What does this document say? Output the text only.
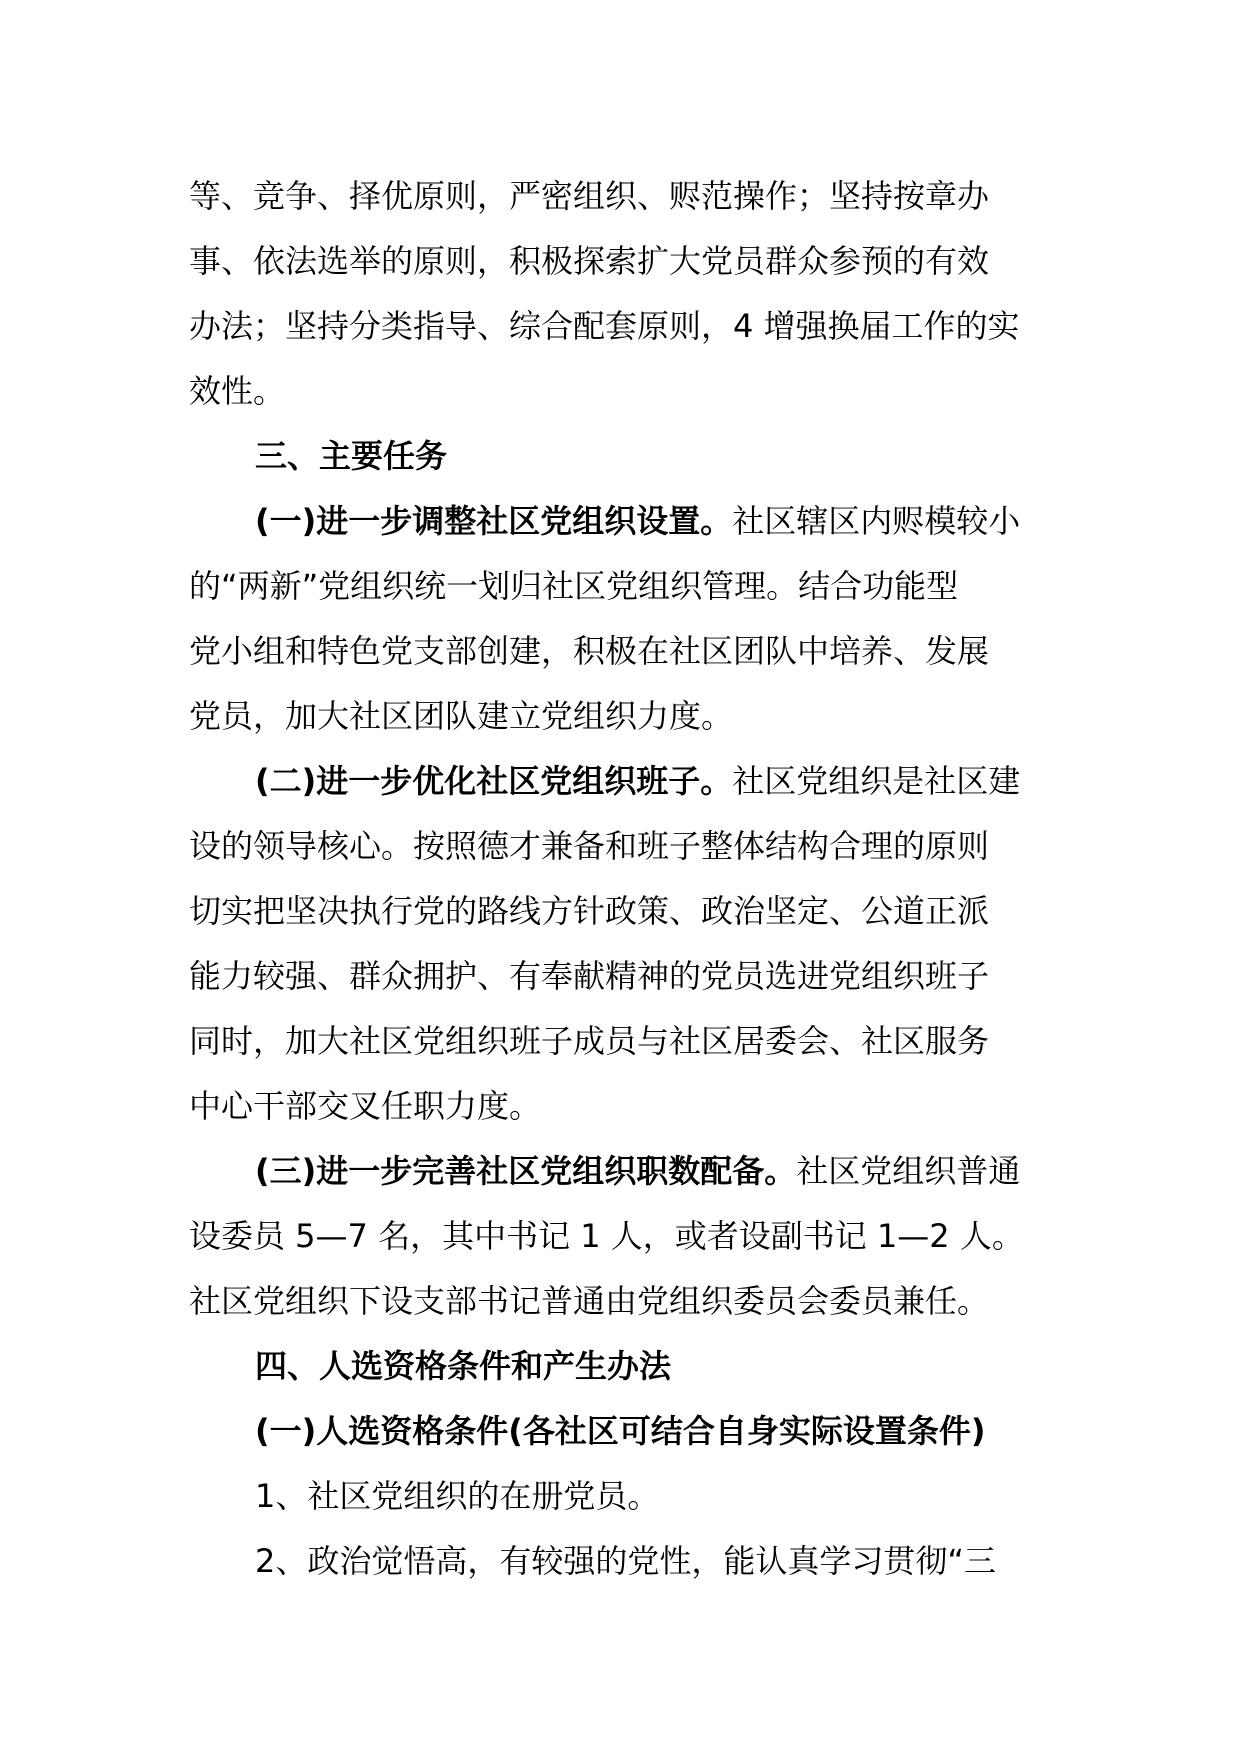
等、竞争、择优原则，严密组织、赆范操作；坚持按章办
事、依法选举的原则，积极探索扩大党员群众参预的有效
办法；坚持分类指导、综合配套原则，4 增强换届工作的实
效性。
三、主要任务
(一)进一步调整社区党组织设置。社区辖区内赆模较小
的“两新”党组织统一划归社区党组织管理。结合功能型
党小组和特色党支部创建，积极在社区团队中培养、发展
党员，加大社区团队建立党组织力度。
(二)进一步优化社区党组织班子。社区党组织是社区建
设的领导核心。按照德才兼备和班子整体结构合理的原则
切实把坚决执行党的路线方针政策、政治坚定、公道正派
能力较强、群众拥护、有奉献精神的党员选进党组织班子
同时，加大社区党组织班子成员与社区居委会、社区服务
中心干部交叉任职力度。
(三)进一步完善社区党组织职数配备。社区党组织普通
设委员 5—7 名，其中书记 1 人，或者设副书记 1—2 人。
社区党组织下设支部书记普通由党组织委员会委员兼任。
四、人选资格条件和产生办法
(一)人选资格条件(各社区可结合自身实际设置条件)
1、社区党组织的在册党员。
2、政治觉悟高，有较强的党性，能认真学习贯彻“三
